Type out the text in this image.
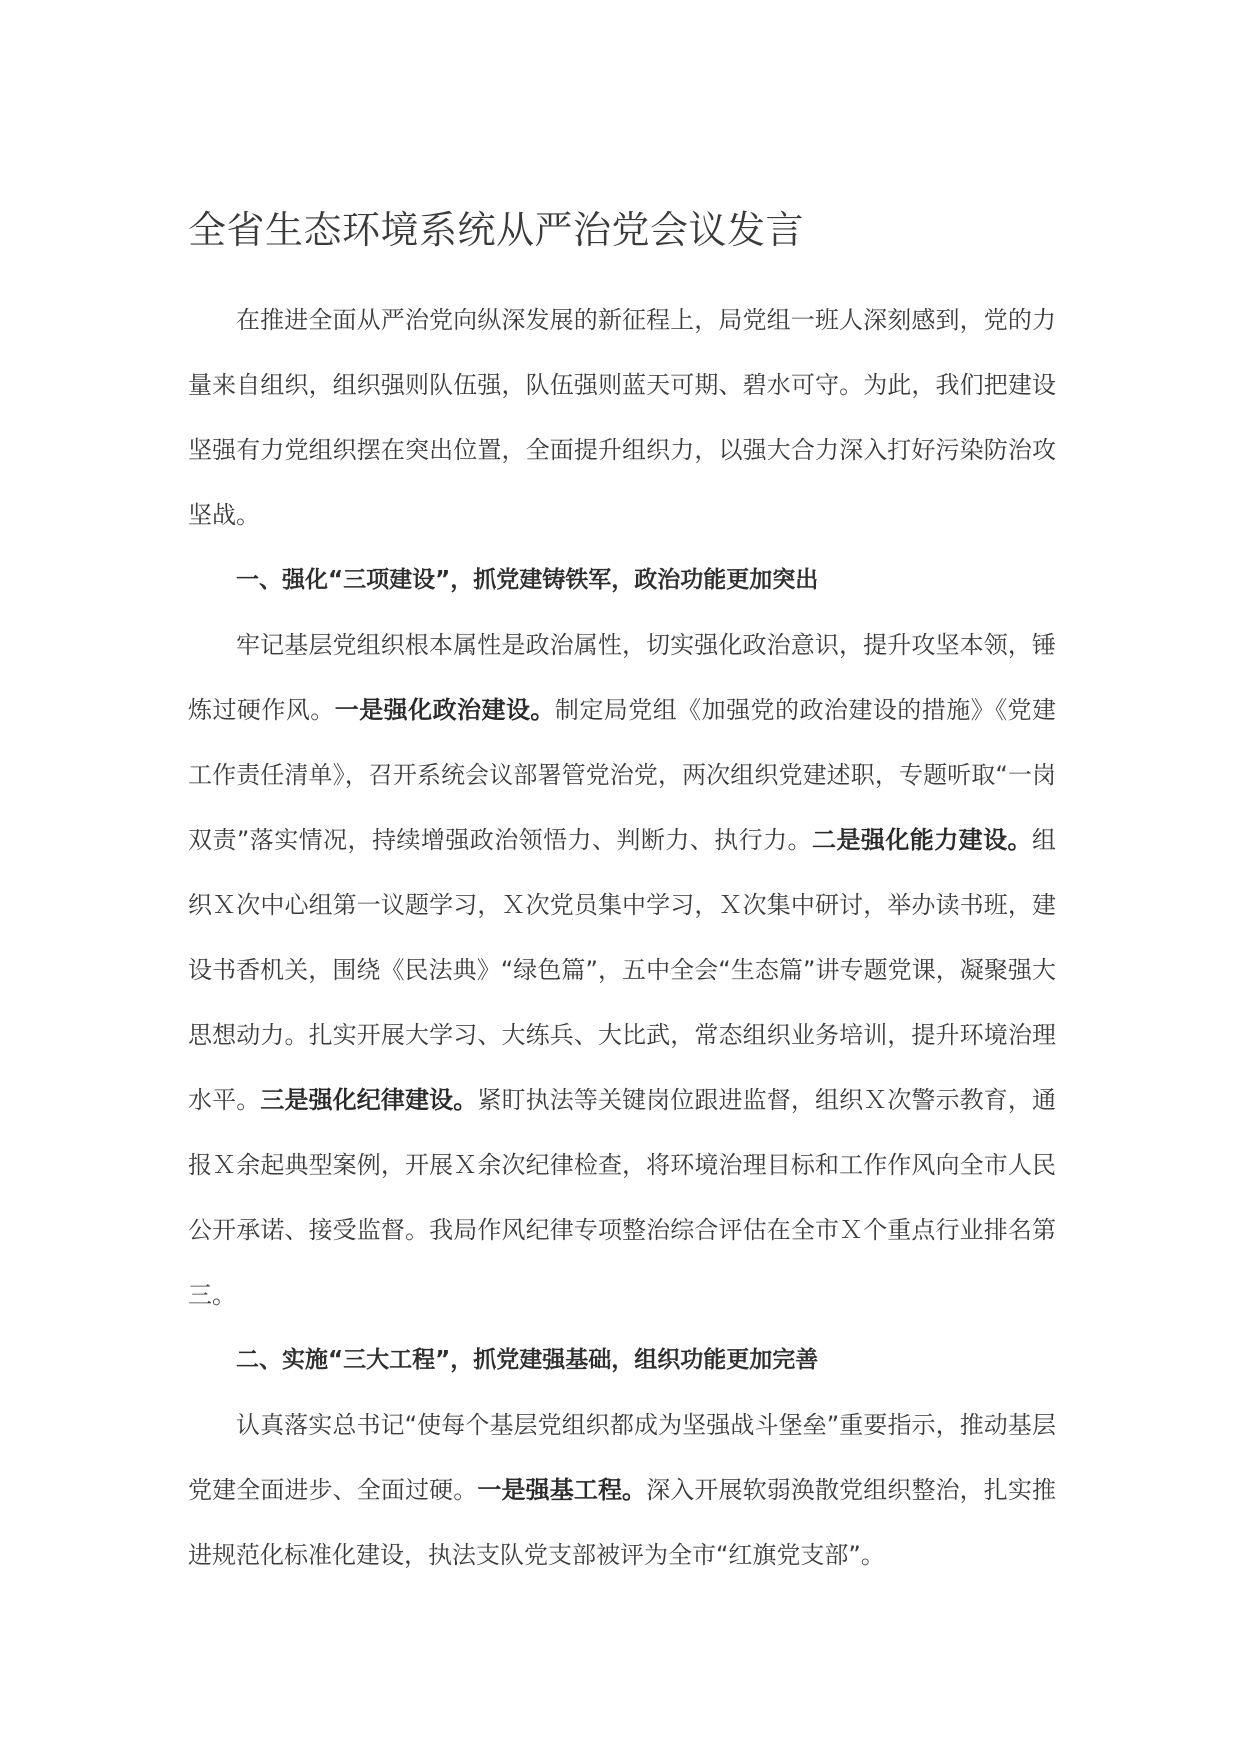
全省生态环境系统从严治党会议发言

在推进全面从严治党向纵深发展的新征程上，局党组一班人深刻感到，党的力量来自组织，组织强则队伍强，队伍强则蓝天可期、碧水可守。为此，我们把建设坚强有力党组织摆在突出位置，全面提升组织力，以强大合力深入打好污染防治攻坚战。

一、强化“三项建设”，抓党建铸铁军，政治功能更加突出

牢记基层党组织根本属性是政治属性，切实强化政治意识，提升攻坚本领，锤炼过硬作风。一是强化政治建设。制定局党组《加强党的政治建设的措施》《党建工作责任清单》，召开系统会议部署管党治党，两次组织党建述职，专题听取“一岗双责”落实情况，持续增强政治领悟力、判断力、执行力。二是强化能力建设。组织Ｘ次中心组第一议题学习，Ｘ次党员集中学习，Ｘ次集中研讨，举办读书班，建设书香机关，围绕《民法典》“绿色篇”，五中全会“生态篇”讲专题党课，凝聚强大思想动力。扎实开展大学习、大练兵、大比武，常态组织业务培训，提升环境治理水平。三是强化纪律建设。紧盯执法等关键岗位跟进监督，组织Ｘ次警示教育，通报Ｘ余起典型案例，开展Ｘ余次纪律检查，将环境治理目标和工作作风向全市人民公开承诺、接受监督。我局作风纪律专项整治综合评估在全市Ｘ个重点行业排名第三。

二、实施“三大工程”，抓党建强基础，组织功能更加完善

认真落实总书记“使每个基层党组织都成为坚强战斗堡垒”重要指示，推动基层党建全面进步、全面过硬。一是强基工程。深入开展软弱涣散党组织整治，扎实推进规范化标准化建设，执法支队党支部被评为全市“红旗党支部”。
